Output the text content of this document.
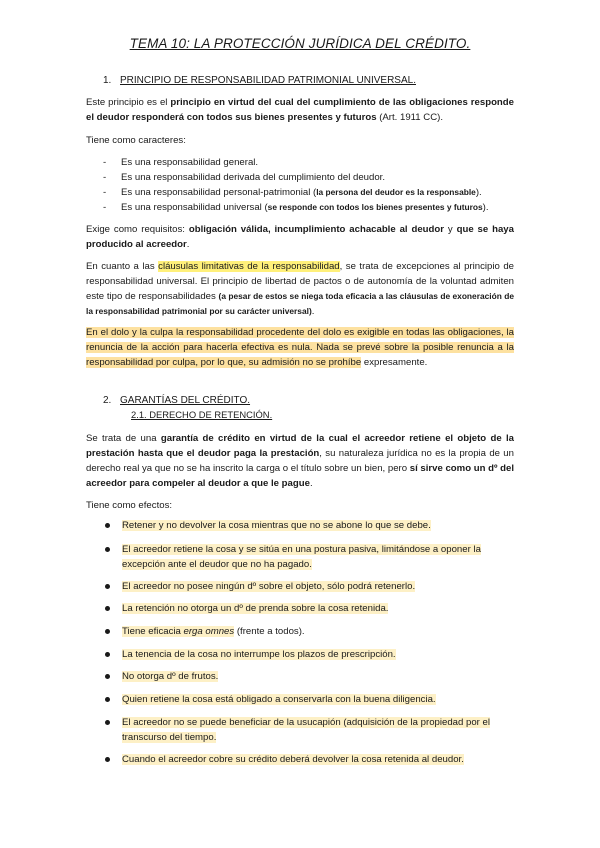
TEMA 10: LA PROTECCIÓN JURÍDICA DEL CRÉDITO.
1. PRINCIPIO DE RESPONSABILIDAD PATRIMONIAL UNIVERSAL.
Este principio es el principio en virtud del cual del cumplimiento de las obligaciones responde el deudor responderá con todos sus bienes presentes y futuros (Art. 1911 CC).
Tiene como caracteres:
- Es una responsabilidad general.
- Es una responsabilidad derivada del cumplimiento del deudor.
- Es una responsabilidad personal-patrimonial (la persona del deudor es la responsable).
- Es una responsabilidad universal (se responde con todos los bienes presentes y futuros).
Exige como requisitos: obligación válida, incumplimiento achacable al deudor y que se haya producido al acreedor.
En cuanto a las cláusulas limitativas de la responsabilidad, se trata de excepciones al principio de responsabilidad universal. El principio de libertad de pactos o de autonomía de la voluntad admiten este tipo de responsabilidades (a pesar de estos se niega toda eficacia a las cláusulas de exoneración de la responsabilidad patrimonial por su carácter universal).
En el dolo y la culpa la responsabilidad procedente del dolo es exigible en todas las obligaciones, la renuncia de la acción para hacerla efectiva es nula. Nada se prevé sobre la posible renuncia a la responsabilidad por culpa, por lo que, su admisión no se prohíbe expresamente.
2. GARANTÍAS DEL CRÉDITO.
2.1. DERECHO DE RETENCIÓN.
Se trata de una garantía de crédito en virtud de la cual el acreedor retiene el objeto de la prestación hasta que el deudor paga la prestación, su naturaleza jurídica no es la propia de un derecho real ya que no se ha inscrito la carga o el título sobre un bien, pero sí sirve como un dº del acreedor para compeler al deudor a que le pague.
Tiene como efectos:
Retener y no devolver la cosa mientras que no se abone lo que se debe.
El acreedor retiene la cosa y se sitúa en una postura pasiva, limitándose a oponer la excepción ante el deudor que no ha pagado.
El acreedor no posee ningún dº sobre el objeto, sólo podrá retenerlo.
La retención no otorga un dº de prenda sobre la cosa retenida.
Tiene eficacia erga omnes (frente a todos).
La tenencia de la cosa no interrumpe los plazos de prescripción.
No otorga dº de frutos.
Quien retiene la cosa está obligado a conservarla con la buena diligencia.
El acreedor no se puede beneficiar de la usucapión (adquisición de la propiedad por el transcurso del tiempo.
Cuando el acreedor cobre su crédito deberá devolver la cosa retenida al deudor.
